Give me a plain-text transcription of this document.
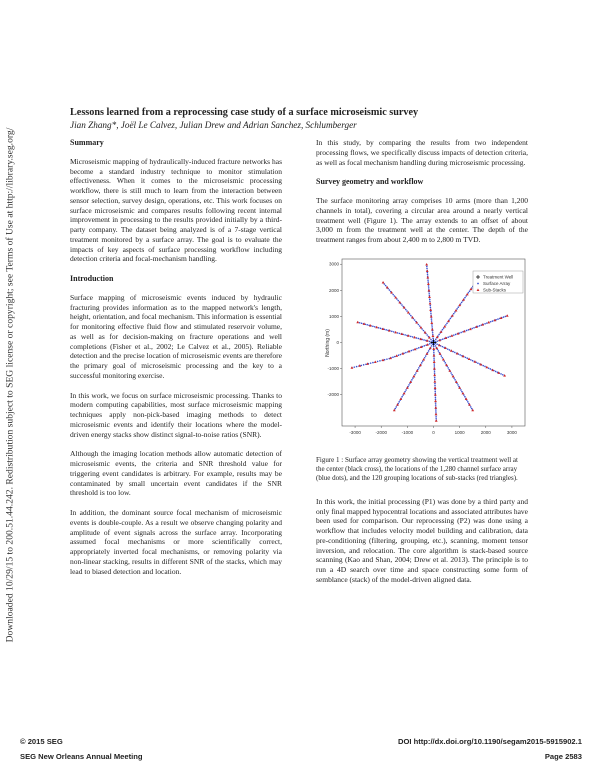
Downloaded 10/29/15 to 200.51.44.242. Redistribution subject to SEG license or copyright; see Terms of Use at http://library.seg.org/
Lessons learned from a reprocessing case study of a surface microseismic survey
Jian Zhang*, Joël Le Calvez, Julian Drew and Adrian Sanchez, Schlumberger
Summary

Microseismic mapping of hydraulically-induced fracture networks has become a standard industry technique to monitor stimulation effectiveness. When it comes to the microseismic processing workflow, there is still much to learn from the interaction between sensor selection, survey design, operations, etc. This work focuses on surface microseismic and compares results following recent internal improvement in processing to the results provided initially by a third-party company. The dataset being analyzed is of a 7-stage vertical treatment monitored by a surface array. The goal is to evaluate the impacts of key aspects of surface processing workflow including detection criteria and focal-mechanism handling.

Introduction

Surface mapping of microseismic events induced by hydraulic fracturing provides information as to the mapped network's length, height, orientation, and focal mechanism. This information is essential for monitoring effective fluid flow and stimulated reservoir volume, as well as for decision-making on fracture operations and well completions (Fisher et al., 2002; Le Calvez et al., 2005). Reliable detection and the precise location of microseismic events are therefore the primary goal of microseismic processing and the key to a successful monitoring exercise.

In this work, we focus on surface microseismic processing. Thanks to modern computing capabilities, most surface microseismic mapping techniques apply non-pick-based imaging methods to detect microseismic events and identify their locations where the model-driven energy stacks show distinct signal-to-noise ratios (SNR).

Although the imaging location methods allow automatic detection of microseismic events, the criteria and SNR threshold value for triggering event candidates is arbitrary. For example, results may be contaminated by small uncertain event candidates if the SNR threshold is too low.

In addition, the dominant source focal mechanism of microseismic events is double-couple. As a result we observe changing polarity and amplitude of event signals across the surface array. Incorporating assumed focal mechanisms or more scientifically correct, appropriately inverted focal mechanisms, or removing polarity via non-linear stacking, results in different SNR of the stacks, which may lead to biased detection and location.

In this study, by comparing the results from two independent processing flows, we specifically discuss impacts of detection criteria, as well as focal mechanism handling during microseismic processing.

Survey geometry and workflow

The surface monitoring array comprises 10 arms (more than 1,200 channels in total), covering a circular area around a nearly vertical treatment well (Figure 1). The array extends to an offset of about 3,000 m from the treatment well at the center. The depth of the treatment ranges from about 2,400 m to 2,800 m TVD.

3000
2000
1000
0
-1000
-2000
-3000	-2000	-1000	0	1000	2000	3000
Northing (m)
Treatment Well
Surface Array
Sub-Stacks
Figure 1 : Surface array geometry showing the vertical treatment well at the center (black cross), the locations of the 1,280 channel surface array (blue dots), and the 120 grouping locations of sub-stacks (red triangles).

In this work, the initial processing (P1) was done by a third party and only final mapped hypocentral locations and associated attributes have been used for comparison. Our reprocessing (P2) was done using a workflow that includes velocity model building and calibration, data pre-conditioning (filtering, grouping, etc.), scanning, moment tensor inversion, and relocation. The core algorithm is stack-based source scanning (Kao and Shan, 2004; Drew et al. 2013). The principle is to run a 4D search over time and space constructing some form of semblance (stack) of the model-driven aligned data.

© 2015 SEG	DOI http://dx.doi.org/10.1190/segam2015-5915902.1
SEG New Orleans Annual Meeting	Page 2583
